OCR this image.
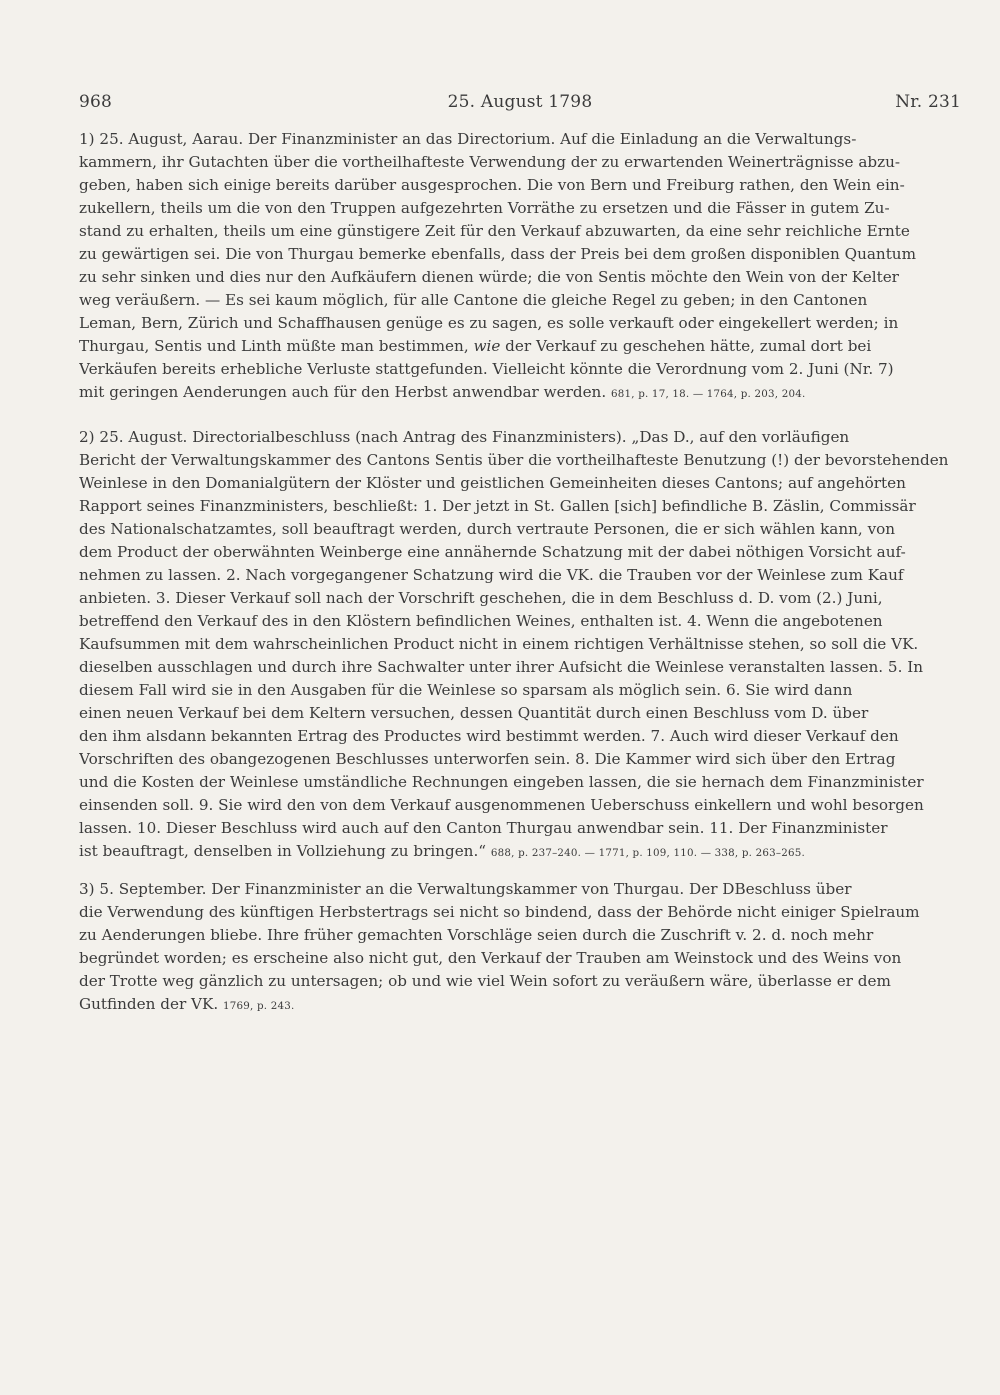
968	25. August 1798	Nr. 231
1) 25. August, Aarau. Der Finanzminister an das Directorium. Auf die Einladung an die Verwaltungs-
kammern, ihr Gutachten über die vortheilhafteste Verwendung der zu erwartenden Weinerträgnisse abzu-
geben, haben sich einige bereits darüber ausgesprochen. Die von Bern und Freiburg rathen, den Wein ein-
zukellern, theils um die von den Truppen aufgezehrten Vorräthe zu ersetzen und die Fässer in gutem Zu-
stand zu erhalten, theils um eine günstigere Zeit für den Verkauf abzuwarten, da eine sehr reichliche Ernte
zu gewärtigen sei. Die von Thurgau bemerke ebenfalls, dass der Preis bei dem großen disponiblen Quantum
zu sehr sinken und dies nur den Aufkäufern dienen würde; die von Sentis möchte den Wein von der Kelter
weg veräußern. — Es sei kaum möglich, für alle Cantone die gleiche Regel zu geben; in den Cantonen
Leman, Bern, Zürich und Schaffhausen genüge es zu sagen, es solle verkauft oder eingekellert werden; in
Thurgau, Sentis und Linth müßte man bestimmen, wie der Verkauf zu geschehen hätte, zumal dort bei
Verkäufen bereits erhebliche Verluste stattgefunden. Vielleicht könnte die Verordnung vom 2. Juni (Nr. 7)
mit geringen Aenderungen auch für den Herbst anwendbar werden. 681, p. 17, 18. — 1764, p. 203, 204.
2) 25. August. Directorialbeschluss (nach Antrag des Finanzministers). „Das D., auf den vorläufigen
Bericht der Verwaltungskammer des Cantons Sentis über die vortheilhafteste Benutzung (!) der bevorstehenden
Weinlese in den Domanialgütern der Klöster und geistlichen Gemeinheiten dieses Cantons; auf angehörten
Rapport seines Finanzministers, beschließt: 1. Der jetzt in St. Gallen [sich] befindliche B. Zäslin, Commissär
des Nationalschatzamtes, soll beauftragt werden, durch vertraute Personen, die er sich wählen kann, von
dem Product der oberwähnten Weinberge eine annähernde Schatzung mit der dabei nöthigen Vorsicht auf-
nehmen zu lassen. 2. Nach vorgegangener Schatzung wird die VK. die Trauben vor der Weinlese zum Kauf
anbieten. 3. Dieser Verkauf soll nach der Vorschrift geschehen, die in dem Beschluss d. D. vom (2.) Juni,
betreffend den Verkauf des in den Klöstern befindlichen Weines, enthalten ist. 4. Wenn die angebotenen
Kaufsummen mit dem wahrscheinlichen Product nicht in einem richtigen Verhältnisse stehen, so soll die VK.
dieselben ausschlagen und durch ihre Sachwalter unter ihrer Aufsicht die Weinlese veranstalten lassen. 5. In
diesem Fall wird sie in den Ausgaben für die Weinlese so sparsam als möglich sein. 6. Sie wird dann
einen neuen Verkauf bei dem Keltern versuchen, dessen Quantität durch einen Beschluss vom D. über
den ihm alsdann bekannten Ertrag des Productes wird bestimmt werden. 7. Auch wird dieser Verkauf den
Vorschriften des obangezogenen Beschlusses unterworfen sein. 8. Die Kammer wird sich über den Ertrag
und die Kosten der Weinlese umständliche Rechnungen eingeben lassen, die sie hernach dem Finanzminister
einsenden soll. 9. Sie wird den von dem Verkauf ausgenommenen Ueberschuss einkellern und wohl besorgen
lassen. 10. Dieser Beschluss wird auch auf den Canton Thurgau anwendbar sein. 11. Der Finanzminister
ist beauftragt, denselben in Vollziehung zu bringen.“ 688, p. 237–240. — 1771, p. 109, 110. — 338, p. 263–265.
3) 5. September. Der Finanzminister an die Verwaltungskammer von Thurgau. Der DBeschluss über
die Verwendung des künftigen Herbstertrags sei nicht so bindend, dass der Behörde nicht einiger Spielraum
zu Aenderungen bliebe. Ihre früher gemachten Vorschläge seien durch die Zuschrift v. 2. d. noch mehr
begründet worden; es erscheine also nicht gut, den Verkauf der Trauben am Weinstock und des Weins von
der Trotte weg gänzlich zu untersagen; ob und wie viel Wein sofort zu veräußern wäre, überlasse er dem
Gutfinden der VK. 1769, p. 243.
